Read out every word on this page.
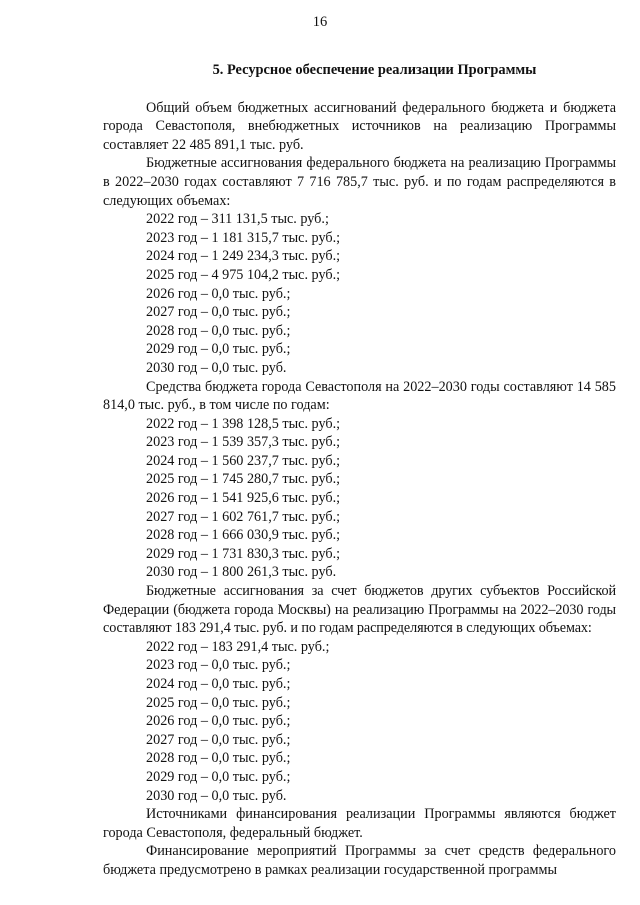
16
5. Ресурсное обеспечение реализации Программы

Общий объем бюджетных ассигнований федерального бюджета и бюджета города Севастополя, внебюджетных источников на реализацию Программы составляет 22 485 891,1 тыс. руб.

Бюджетные ассигнования федерального бюджета на реализацию Программы в 2022–2030 годах составляют 7 716 785,7 тыс. руб. и по годам распределяются в следующих объемах:

2022 год – 311 131,5 тыс. руб.;
2023 год – 1 181 315,7 тыс. руб.;
2024 год – 1 249 234,3 тыс. руб.;
2025 год – 4 975 104,2 тыс. руб.;
2026 год – 0,0 тыс. руб.;
2027 год – 0,0 тыс. руб.;
2028 год – 0,0 тыс. руб.;
2029 год – 0,0 тыс. руб.;
2030 год – 0,0 тыс. руб.

Средства бюджета города Севастополя на 2022–2030 годы составляют 14 585 814,0 тыс. руб., в том числе по годам:

2022 год – 1 398 128,5 тыс. руб.;
2023 год – 1 539 357,3 тыс. руб.;
2024 год – 1 560 237,7 тыс. руб.;
2025 год – 1 745 280,7 тыс. руб.;
2026 год – 1 541 925,6 тыс. руб.;
2027 год – 1 602 761,7 тыс. руб.;
2028 год – 1 666 030,9 тыс. руб.;
2029 год – 1 731 830,3 тыс. руб.;
2030 год – 1 800 261,3 тыс. руб.

Бюджетные ассигнования за счет бюджетов других субъектов Российской Федерации (бюджета города Москвы) на реализацию Программы на 2022–2030 годы составляют 183 291,4 тыс. руб. и по годам распределяются в следующих объемах:

2022 год – 183 291,4 тыс. руб.;
2023 год – 0,0 тыс. руб.;
2024 год – 0,0 тыс. руб.;
2025 год – 0,0 тыс. руб.;
2026 год – 0,0 тыс. руб.;
2027 год – 0,0 тыс. руб.;
2028 год – 0,0 тыс. руб.;
2029 год – 0,0 тыс. руб.;
2030 год – 0,0 тыс. руб.

Источниками финансирования реализации Программы являются бюджет города Севастополя, федеральный бюджет.

Финансирование мероприятий Программы за счет средств федерального бюджета предусмотрено в рамках реализации государственной программы
